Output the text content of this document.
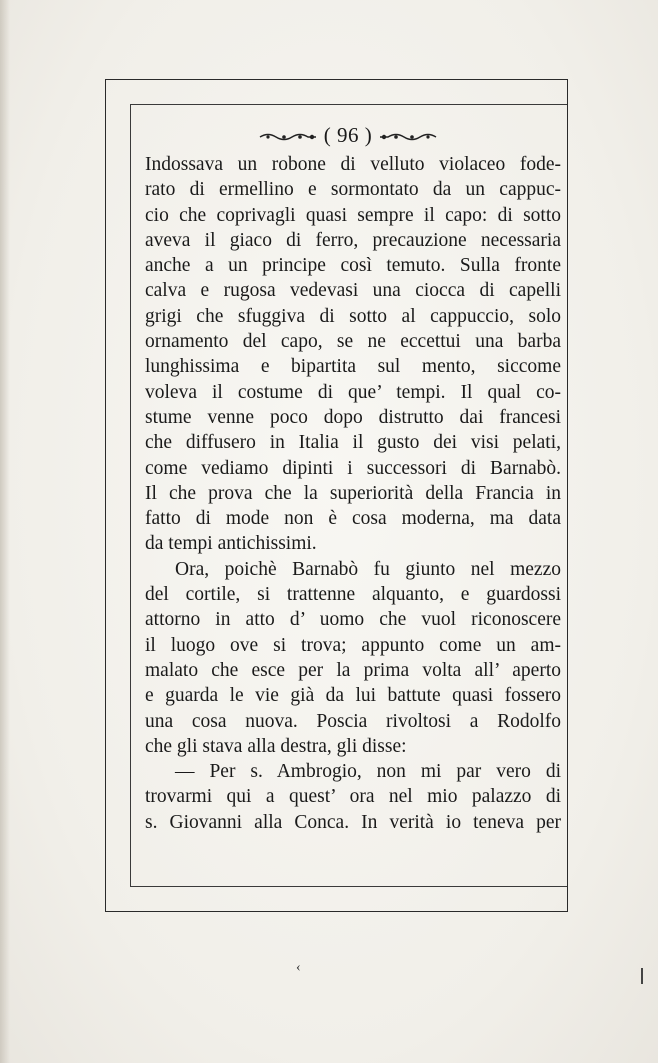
( 96 )
Indossava un robone di velluto violaceo fode-
rato di ermellino e sormontato da un cappuc-
cio che coprivagli quasi sempre il capo: di sotto
aveva il giaco di ferro, precauzione necessaria
anche a un principe così temuto. Sulla fronte
calva e rugosa vedevasi una ciocca di capelli
grigi che sfuggiva di sotto al cappuccio, solo
ornamento del capo, se ne eccettui una barba
lunghissima e bipartita sul mento, siccome
voleva il costume di que’ tempi. Il qual co-
stume venne poco dopo distrutto dai francesi
che diffusero in Italia il gusto dei visi pelati,
come vediamo dipinti i successori di Barnabò.
Il che prova che la superiorità della Francia in
fatto di mode non è cosa moderna, ma data
da tempi antichissimi.
Ora, poichè Barnabò fu giunto nel mezzo
del cortile, si trattenne alquanto, e guardossi
attorno in atto d’ uomo che vuol riconoscere
il luogo ove si trova; appunto come un am-
malato che esce per la prima volta all’ aperto
e guarda le vie già da lui battute quasi fossero
una cosa nuova. Poscia rivoltosi a Rodolfo
che gli stava alla destra, gli disse:
— Per s. Ambrogio, non mi par vero di
trovarmi qui a quest’ ora nel mio palazzo di
s. Giovanni alla Conca. In verità io teneva per
‹
